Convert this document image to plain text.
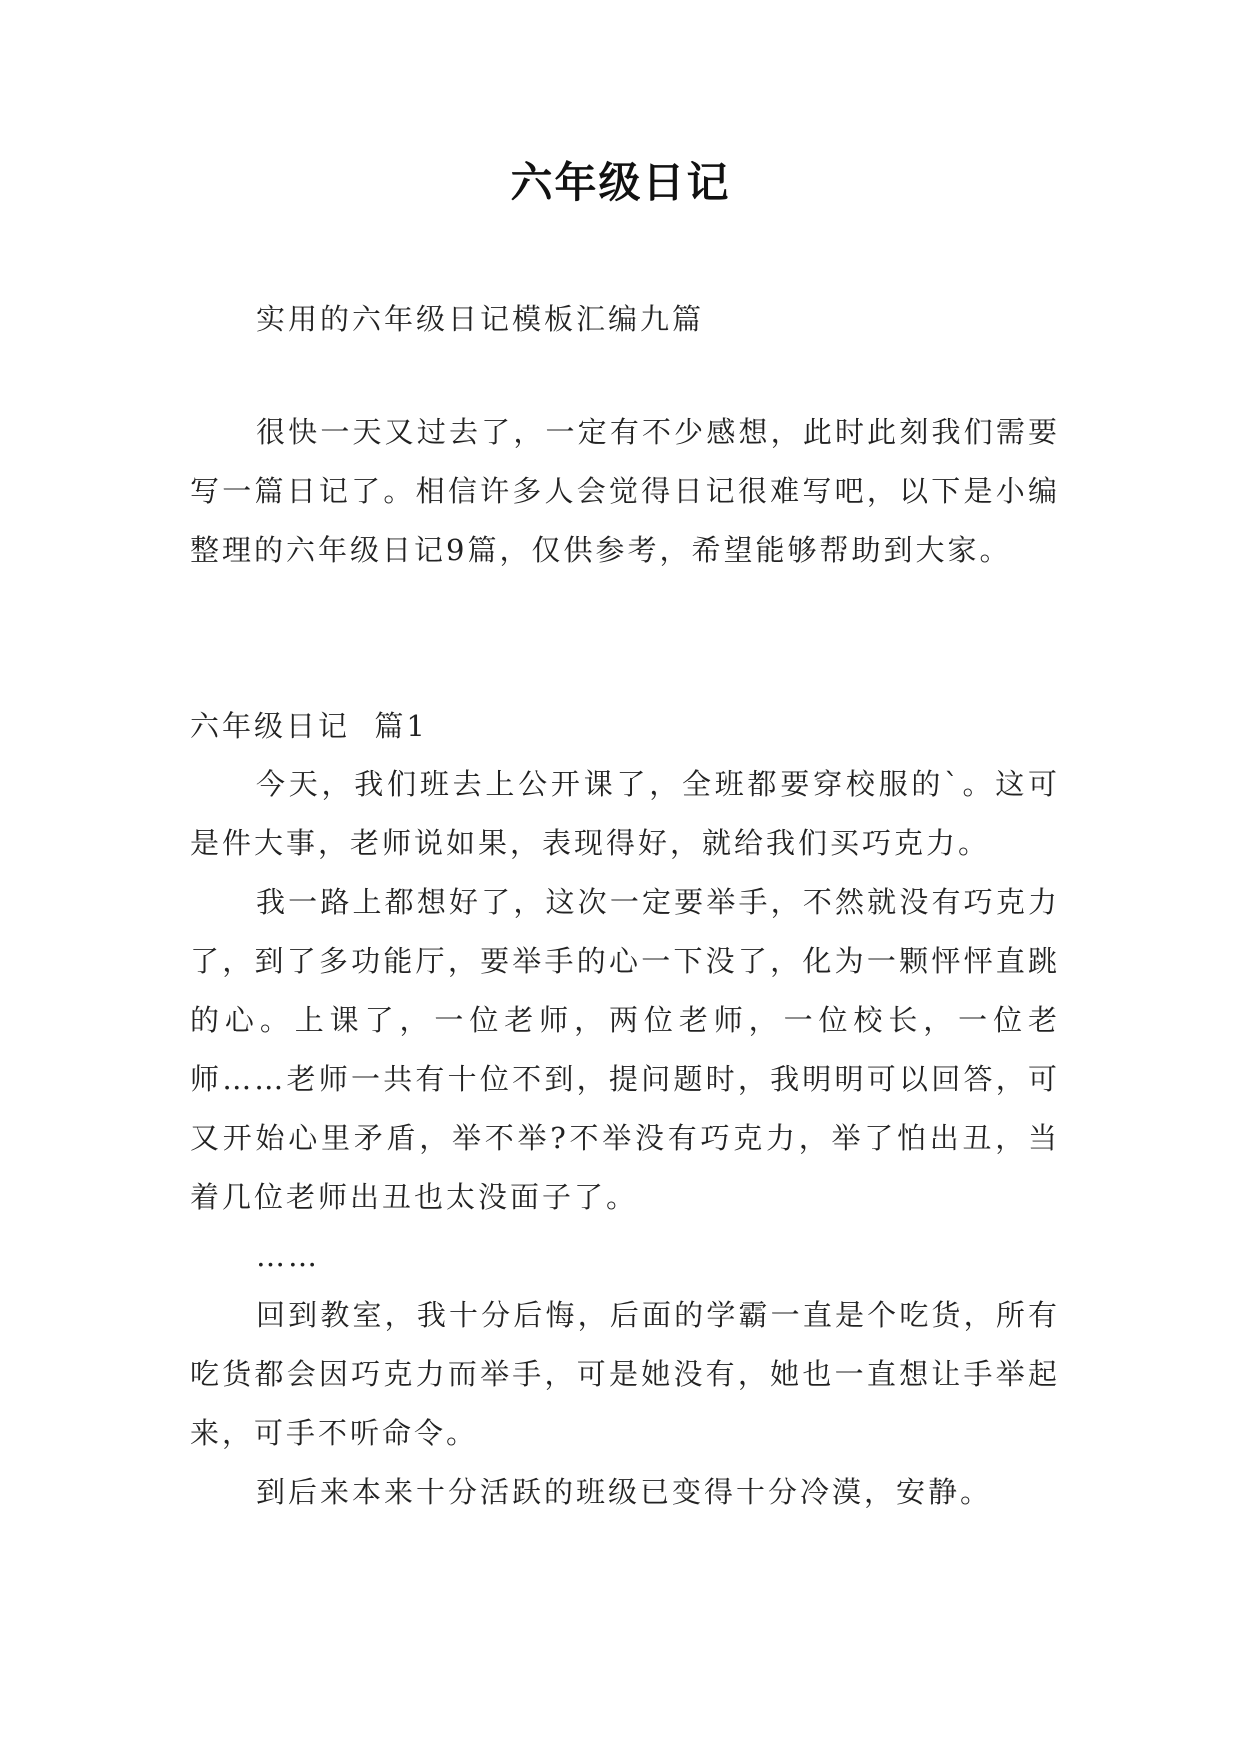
六年级日记

实用的六年级日记模板汇编九篇

很快一天又过去了，一定有不少感想，此时此刻我们需要写一篇日记了。相信许多人会觉得日记很难写吧，以下是小编整理的六年级日记9篇，仅供参考，希望能够帮助到大家。

六年级日记  篇1

今天，我们班去上公开课了，全班都要穿校服的`。这可是件大事，老师说如果，表现得好，就给我们买巧克力。

我一路上都想好了，这次一定要举手，不然就没有巧克力了，到了多功能厅，要举手的心一下没了，化为一颗怦怦直跳的心。上课了，一位老师，两位老师，一位校长，一位老师……老师一共有十位不到，提问题时，我明明可以回答，可又开始心里矛盾，举不举?不举没有巧克力，举了怕出丑，当着几位老师出丑也太没面子了。

……

回到教室，我十分后悔，后面的学霸一直是个吃货，所有吃货都会因巧克力而举手，可是她没有，她也一直想让手举起来，可手不听命令。

到后来本来十分活跃的班级已变得十分冷漠，安静。
